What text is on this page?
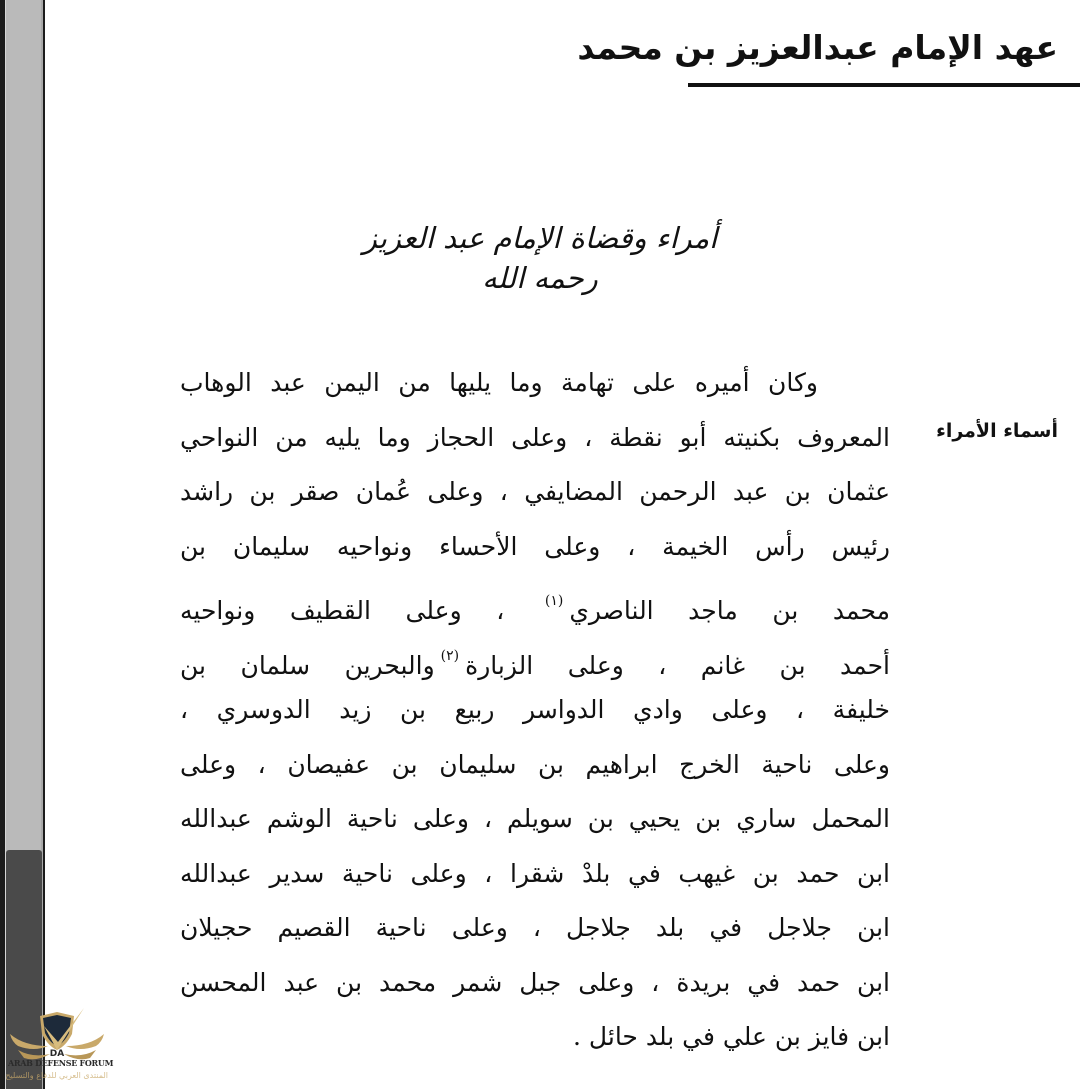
عهد الإمام عبدالعزيز بن محمد
أمراء وقضاة الإمام عبد العزيز
رحمه الله
أسماء الأمراء
وكان أميره على تهامة وما يليها من اليمن عبد الوهاب
المعروف بكنيته أبو نقطة ، وعلى الحجاز وما يليه من النواحي
عثمان بن عبد الرحمن المضايفي ، وعلى عُمان صقر بن راشد
رئيس رأس الخيمة ، وعلى الأحساء ونواحيه سليمان بن
محمد بن ماجد الناصري$^{(١)}$ ، وعلى القطيف ونواحيه
أحمد بن غانم ، وعلى الزبارة$^{(٢)}$والبحرين سلمان بن
خليفة ، وعلى وادي الدواسر ربيع بن زيد الدوسري ،
وعلى ناحية الخرج ابراهيم بن سليمان بن عفيصان ، وعلى
المحمل ساري بن يحيي بن سويلم ، وعلى ناحية الوشم عبدالله
ابن حمد بن غيهب في بلدْ شقرا ، وعلى ناحية سدير عبدالله
ابن جلاجل في بلد جلاجل ، وعلى ناحية القصيم حجيلان
ابن حمد في بريدة ، وعلى جبل شمر محمد بن عبد المحسن
ابن فايز بن علي في بلد حائل .
DA
ARAB DEFENSE FORUM
المنتدى العربي للدفاع والتسليح
